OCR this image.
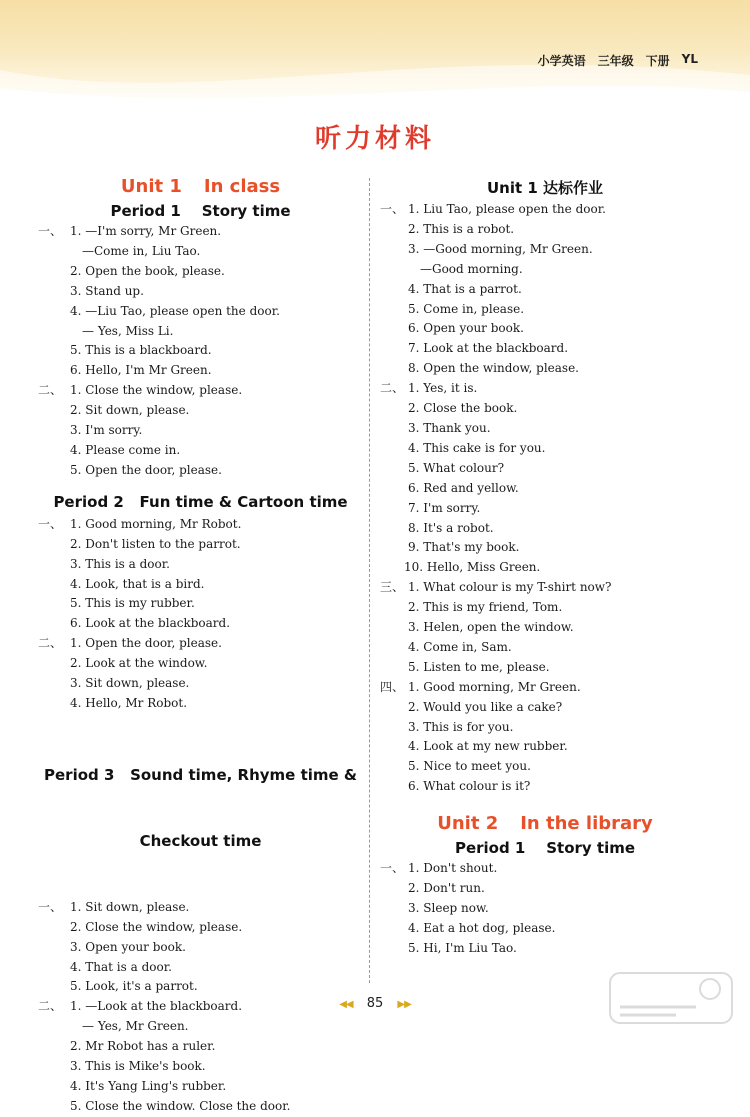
小学英语 三年级 下册 YL
听力材料
Unit 1 In class
Period 1    Story time
一、 1. —I'm sorry, Mr Green.
—Come in, Liu Tao.
2. Open the book, please.
3. Stand up.
4. —Liu Tao, please open the door.
— Yes, Miss Li.
5. This is a blackboard.
6. Hello, I'm Mr Green.
二、 1. Close the window, please.
2. Sit down, please.
3. I'm sorry.
4. Please come in.
5. Open the door, please.
Period 2   Fun time & Cartoon time
一、 1. Good morning, Mr Robot.
2. Don't listen to the parrot.
3. This is a door.
4. Look, that is a bird.
5. This is my rubber.
6. Look at the blackboard.
二、 1. Open the door, please.
2. Look at the window.
3. Sit down, please.
4. Hello, Mr Robot.

Period 3   Sound time, Rhyme time &

Checkout time

一、 1. Sit down, please.
2. Close the window, please.
3. Open your book.
4. That is a door.
5. Look, it's a parrot.
二、 1. —Look at the blackboard.
— Yes, Mr Green.
2. Mr Robot has a ruler.
3. This is Mike's book.
4. It's Yang Ling's rubber.
5. Close the window. Close the door.
Unit 1 达标作业
一、 1. Liu Tao, please open the door.
2. This is a robot.
3. —Good morning, Mr Green.
—Good morning.
4. That is a parrot.
5. Come in, please.
6. Open your book.
7. Look at the blackboard.
8. Open the window, please.
二、 1. Yes, it is.
2. Close the book.
3. Thank you.
4. This cake is for you.
5. What colour?
6. Red and yellow.
7. I'm sorry.
8. It's a robot.
9. That's my book.
10. Hello, Miss Green.
三、 1. What colour is my T-shirt now?
2. This is my friend, Tom.
3. Helen, open the window.
4. Come in, Sam.
5. Listen to me, please.
四、 1. Good morning, Mr Green.
2. Would you like a cake?
3. This is for you.
4. Look at my new rubber.
5. Nice to meet you.
6. What colour is it?
Unit 2 In the library
Period 1    Story time
一、 1. Don't shout.
2. Don't run.
3. Sleep now.
4. Eat a hot dog, please.
5. Hi, I'm Liu Tao.
◀◀ 85 ▶▶
